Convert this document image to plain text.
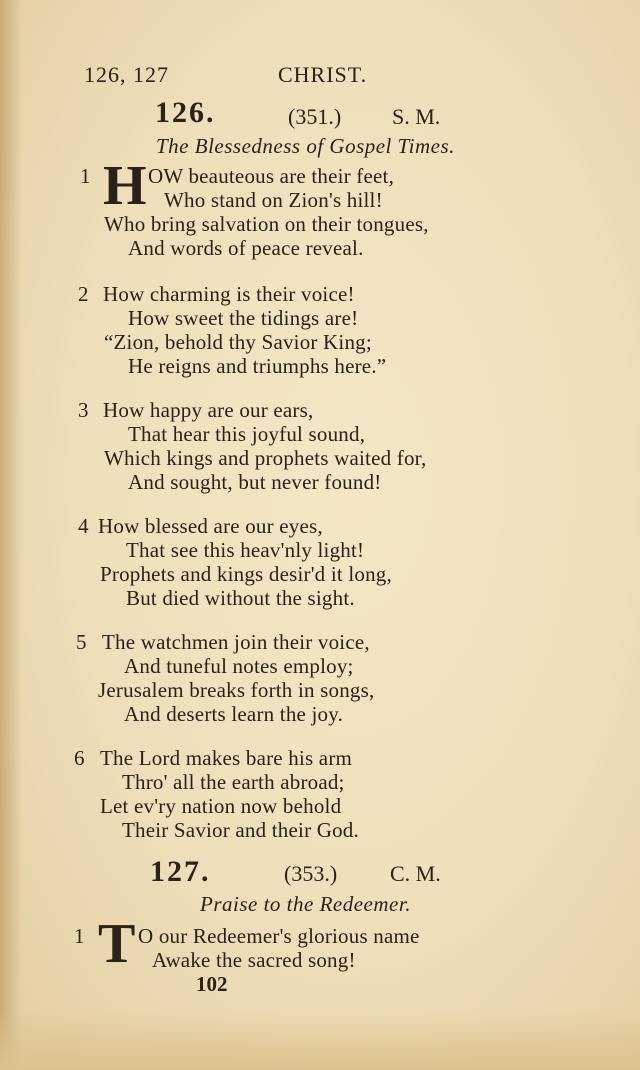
126, 127	CHRIST.
126.	(351.) S. M.
The Blessedness of Gospel Times.
1 H OW beauteous are their feet,
Who stand on Zion's hill!
Who bring salvation on their tongues,
And words of peace reveal.
2 How charming is their voice!
How sweet the tidings are!
“Zion, behold thy Savior King;
He reigns and triumphs here.”
3 How happy are our ears,
That hear this joyful sound,
Which kings and prophets waited for,
And sought, but never found!
4 How blessed are our eyes,
That see this heav'nly light!
Prophets and kings desir'd it long,
But died without the sight.
5 The watchmen join their voice,
And tuneful notes employ;
Jerusalem breaks forth in songs,
And deserts learn the joy.
6 The Lord makes bare his arm
Thro' all the earth abroad;
Let ev'ry nation now behold
Their Savior and their God.
127.	(353.) C. M.
Praise to the Redeemer.
1 T O our Redeemer's glorious name
Awake the sacred song!
102
